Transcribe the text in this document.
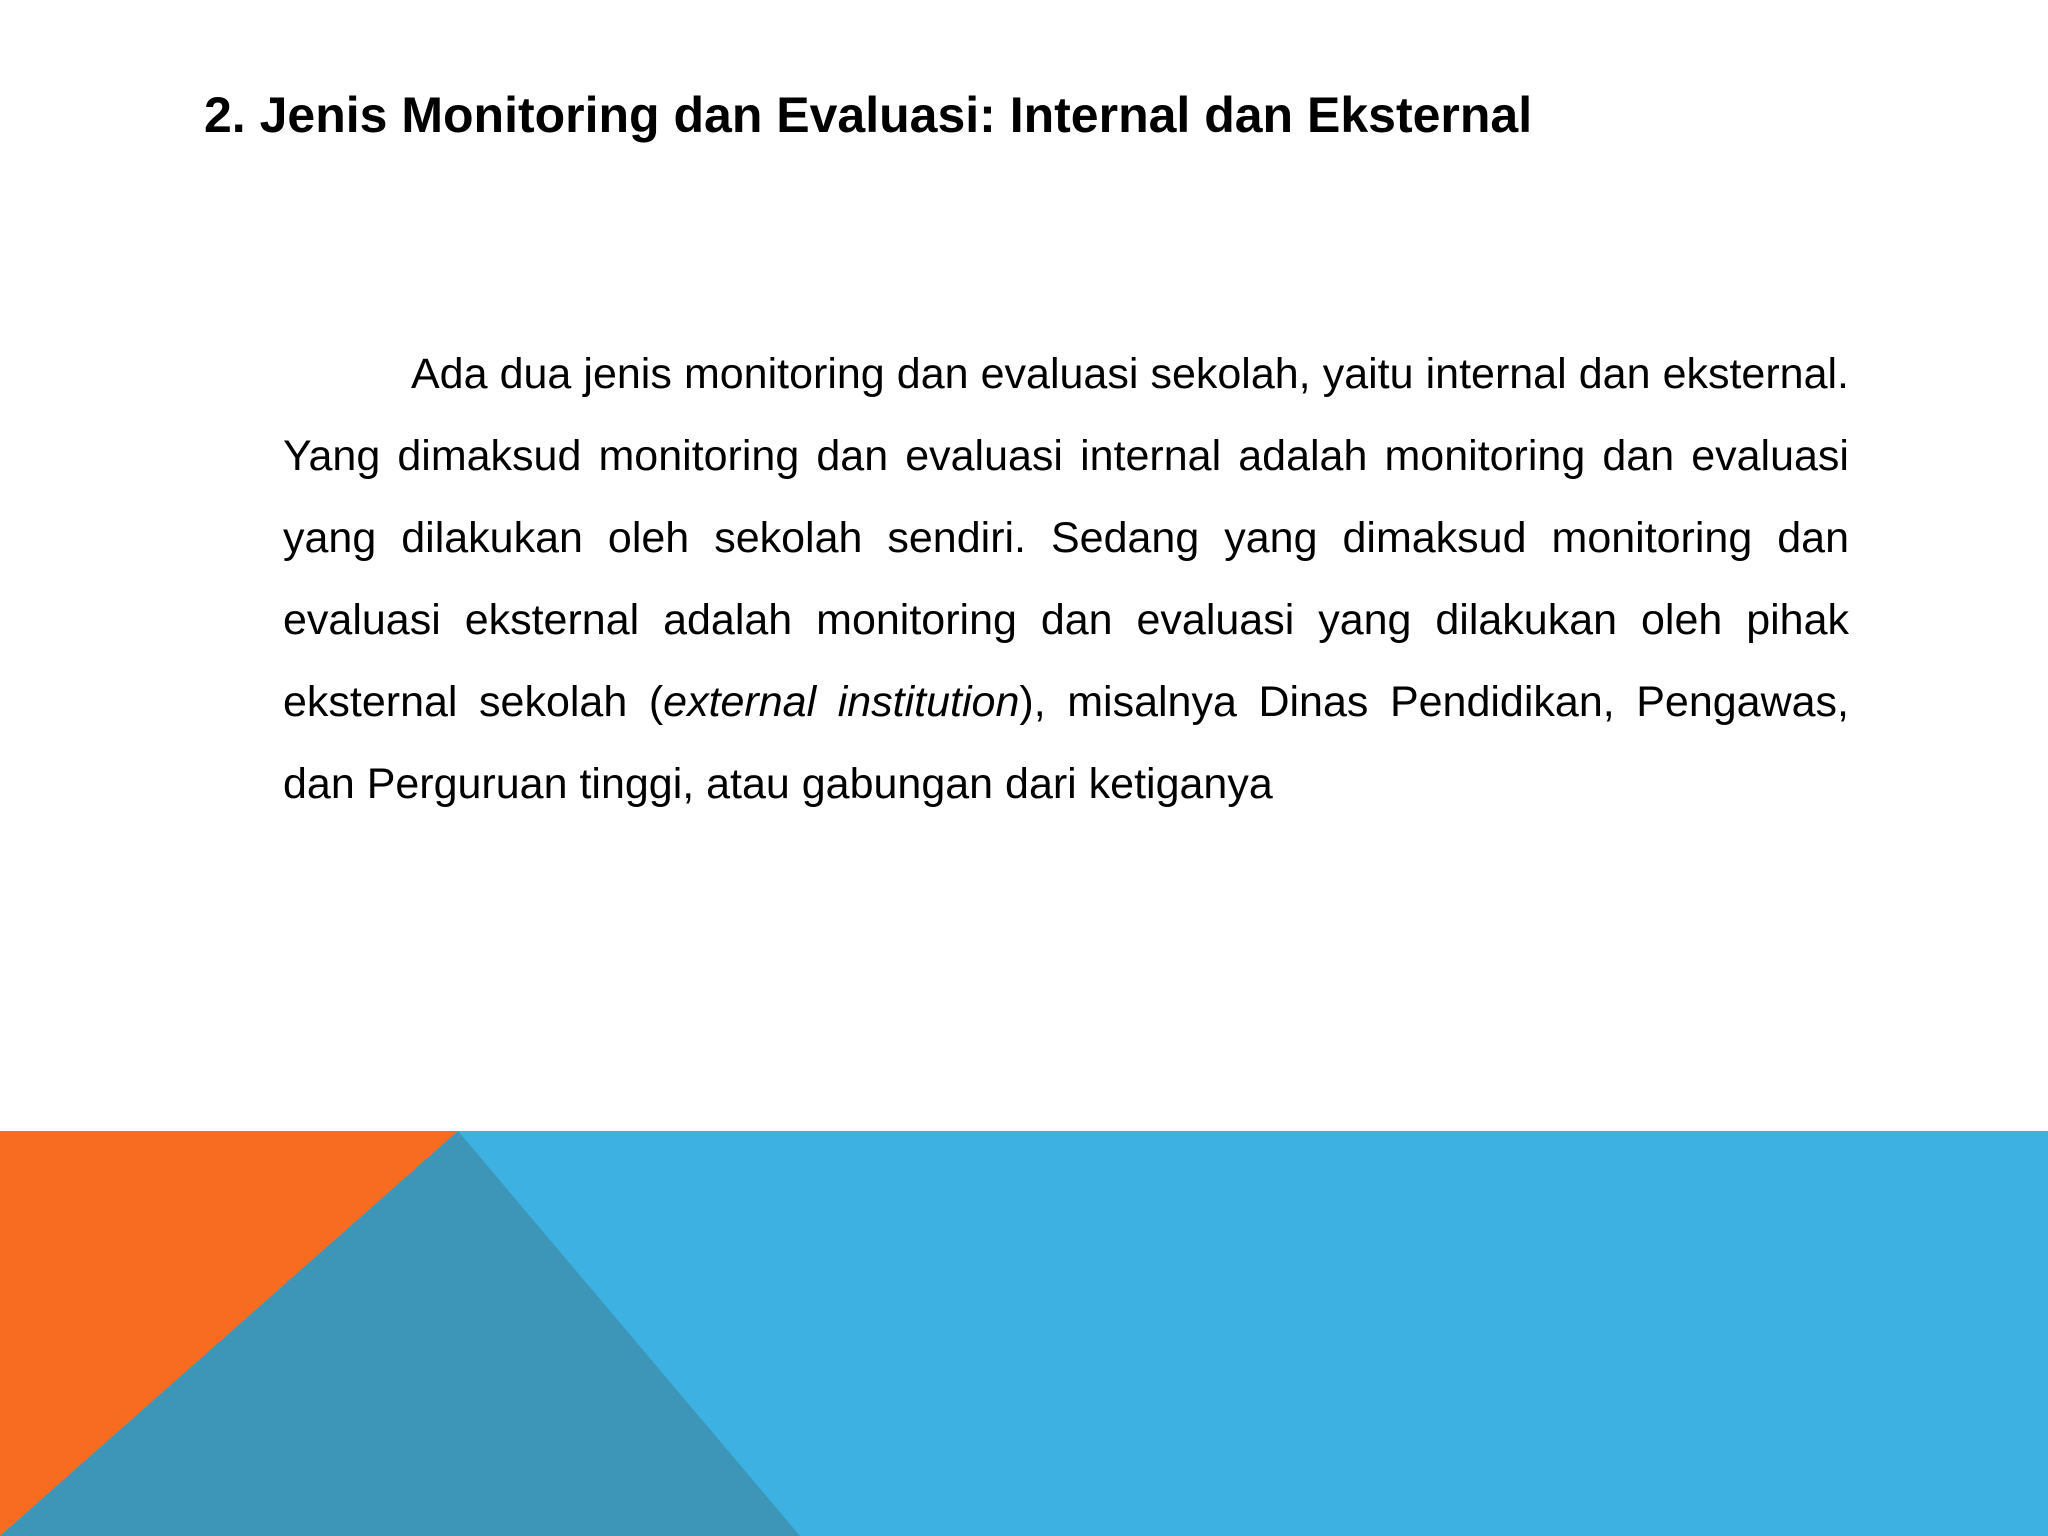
2. Jenis Monitoring dan Evaluasi: Internal dan Eksternal

Ada dua jenis monitoring dan evaluasi sekolah, yaitu internal dan eksternal. Yang dimaksud monitoring dan evaluasi internal adalah monitoring dan evaluasi yang dilakukan oleh sekolah sendiri. Sedang yang dimaksud monitoring dan evaluasi eksternal adalah monitoring dan evaluasi yang dilakukan oleh pihak eksternal sekolah (external institution), misalnya Dinas Pendidikan, Pengawas, dan Perguruan tinggi, atau gabungan dari ketiganya
